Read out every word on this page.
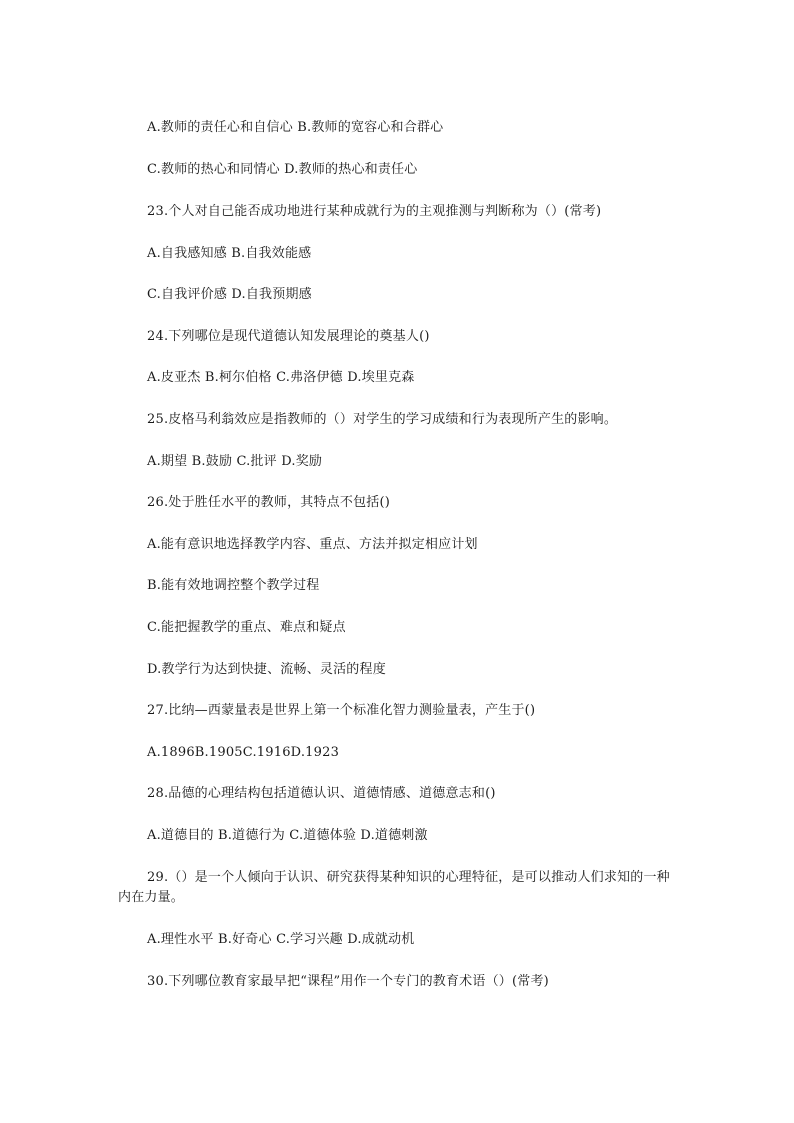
A.教师的责任心和自信心 B.教师的宽容心和合群心
C.教师的热心和同情心 D.教师的热心和责任心
23.个人对自己能否成功地进行某种成就行为的主观推测与判断称为（）(常考)
A.自我感知感 B.自我效能感
C.自我评价感 D.自我预期感
24.下列哪位是现代道德认知发展理论的奠基人()
A.皮亚杰 B.柯尔伯格 C.弗洛伊德 D.埃里克森
25.皮格马利翁效应是指教师的（）对学生的学习成绩和行为表现所产生的影响。
A.期望 B.鼓励 C.批评 D.奖励
26.处于胜任水平的教师，其特点不包括()
A.能有意识地选择教学内容、重点、方法并拟定相应计划
B.能有效地调控整个教学过程
C.能把握教学的重点、难点和疑点
D.教学行为达到快捷、流畅、灵活的程度
27.比纳—西蒙量表是世界上第一个标准化智力测验量表，产生于()
A.1896B.1905C.1916D.1923
28.品德的心理结构包括道德认识、道德情感、道德意志和()
A.道德目的 B.道德行为 C.道德体验 D.道德刺激
29.（）是一个人倾向于认识、研究获得某种知识的心理特征，是可以推动人们求知的一种内在力量。
A.理性水平 B.好奇心 C.学习兴趣 D.成就动机
30.下列哪位教育家最早把“课程”用作一个专门的教育术语（）(常考)
